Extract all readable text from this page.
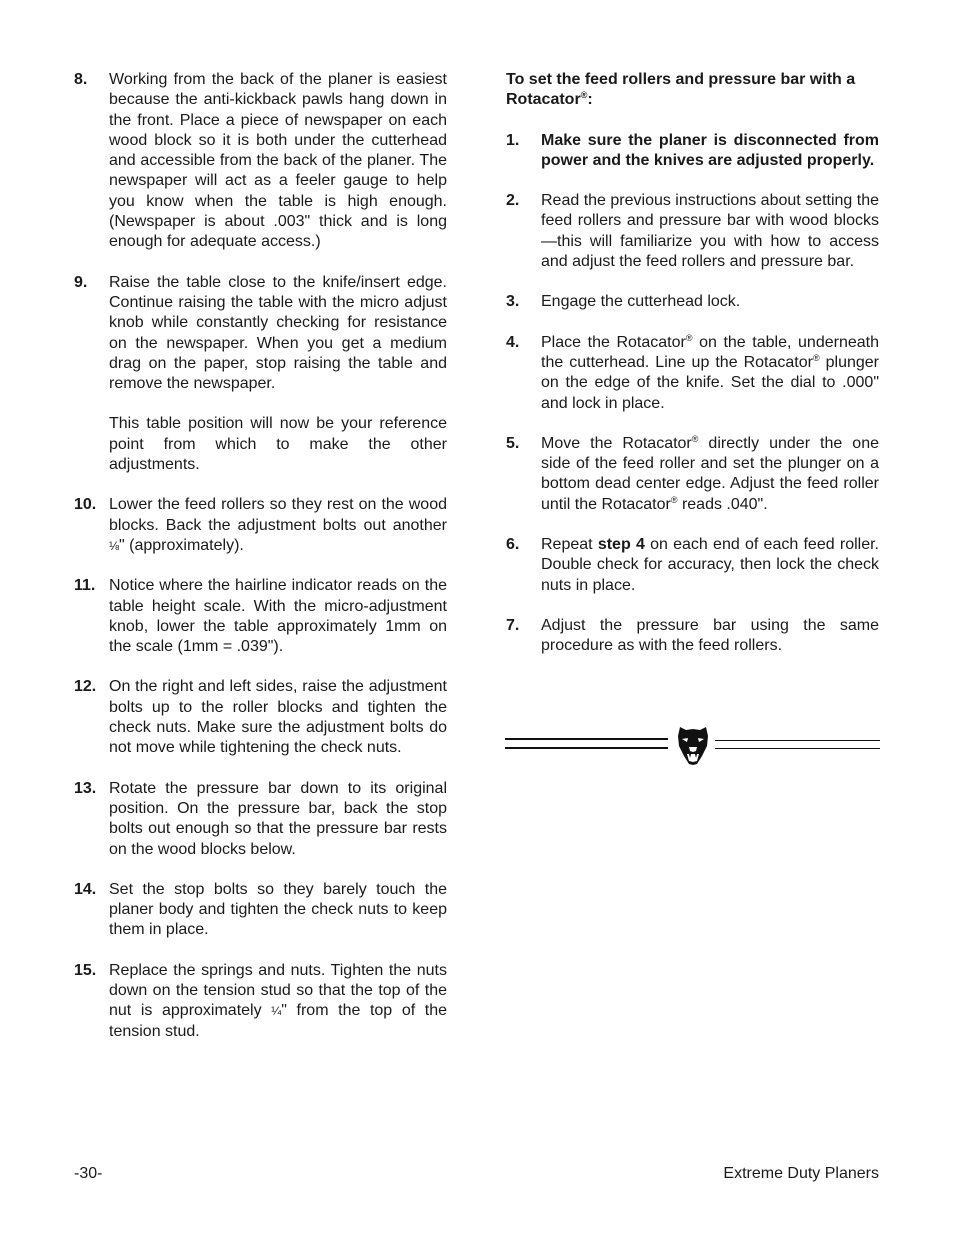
8. Working from the back of the planer is easiest because the anti-kickback pawls hang down in the front. Place a piece of newspaper on each wood block so it is both under the cutterhead and accessible from the back of the planer. The newspaper will act as a feeler gauge to help you know when the table is high enough. (Newspaper is about .003" thick and is long enough for adequate access.)
9. Raise the table close to the knife/insert edge. Continue raising the table with the micro adjust knob while constantly checking for resistance on the newspaper. When you get a medium drag on the paper, stop raising the table and remove the newspaper.
This table position will now be your reference point from which to make the other adjustments.
10. Lower the feed rollers so they rest on the wood blocks. Back the adjustment bolts out another ⅛" (approximately).
11. Notice where the hairline indicator reads on the table height scale. With the micro-adjustment knob, lower the table approximately 1mm on the scale (1mm = .039").
12. On the right and left sides, raise the adjustment bolts up to the roller blocks and tighten the check nuts. Make sure the adjustment bolts do not move while tightening the check nuts.
13. Rotate the pressure bar down to its original position. On the pressure bar, back the stop bolts out enough so that the pressure bar rests on the wood blocks below.
14. Set the stop bolts so they barely touch the planer body and tighten the check nuts to keep them in place.
15. Replace the springs and nuts. Tighten the nuts down on the tension stud so that the top of the nut is approximately ¼" from the top of the tension stud.
To set the feed rollers and pressure bar with a Rotacator®:
1. Make sure the planer is disconnected from power and the knives are adjusted properly.
2. Read the previous instructions about setting the feed rollers and pressure bar with wood blocks—this will familiarize you with how to access and adjust the feed rollers and pressure bar.
3. Engage the cutterhead lock.
4. Place the Rotacator® on the table, underneath the cutterhead. Line up the Rotacator® plunger on the edge of the knife. Set the dial to .000" and lock in place.
5. Move the Rotacator® directly under the one side of the feed roller and set the plunger on a bottom dead center edge. Adjust the feed roller until the Rotacator® reads .040".
6. Repeat step 4 on each end of each feed roller. Double check for accuracy, then lock the check nuts in place.
7. Adjust the pressure bar using the same procedure as with the feed rollers.
-30-	Extreme Duty Planers
